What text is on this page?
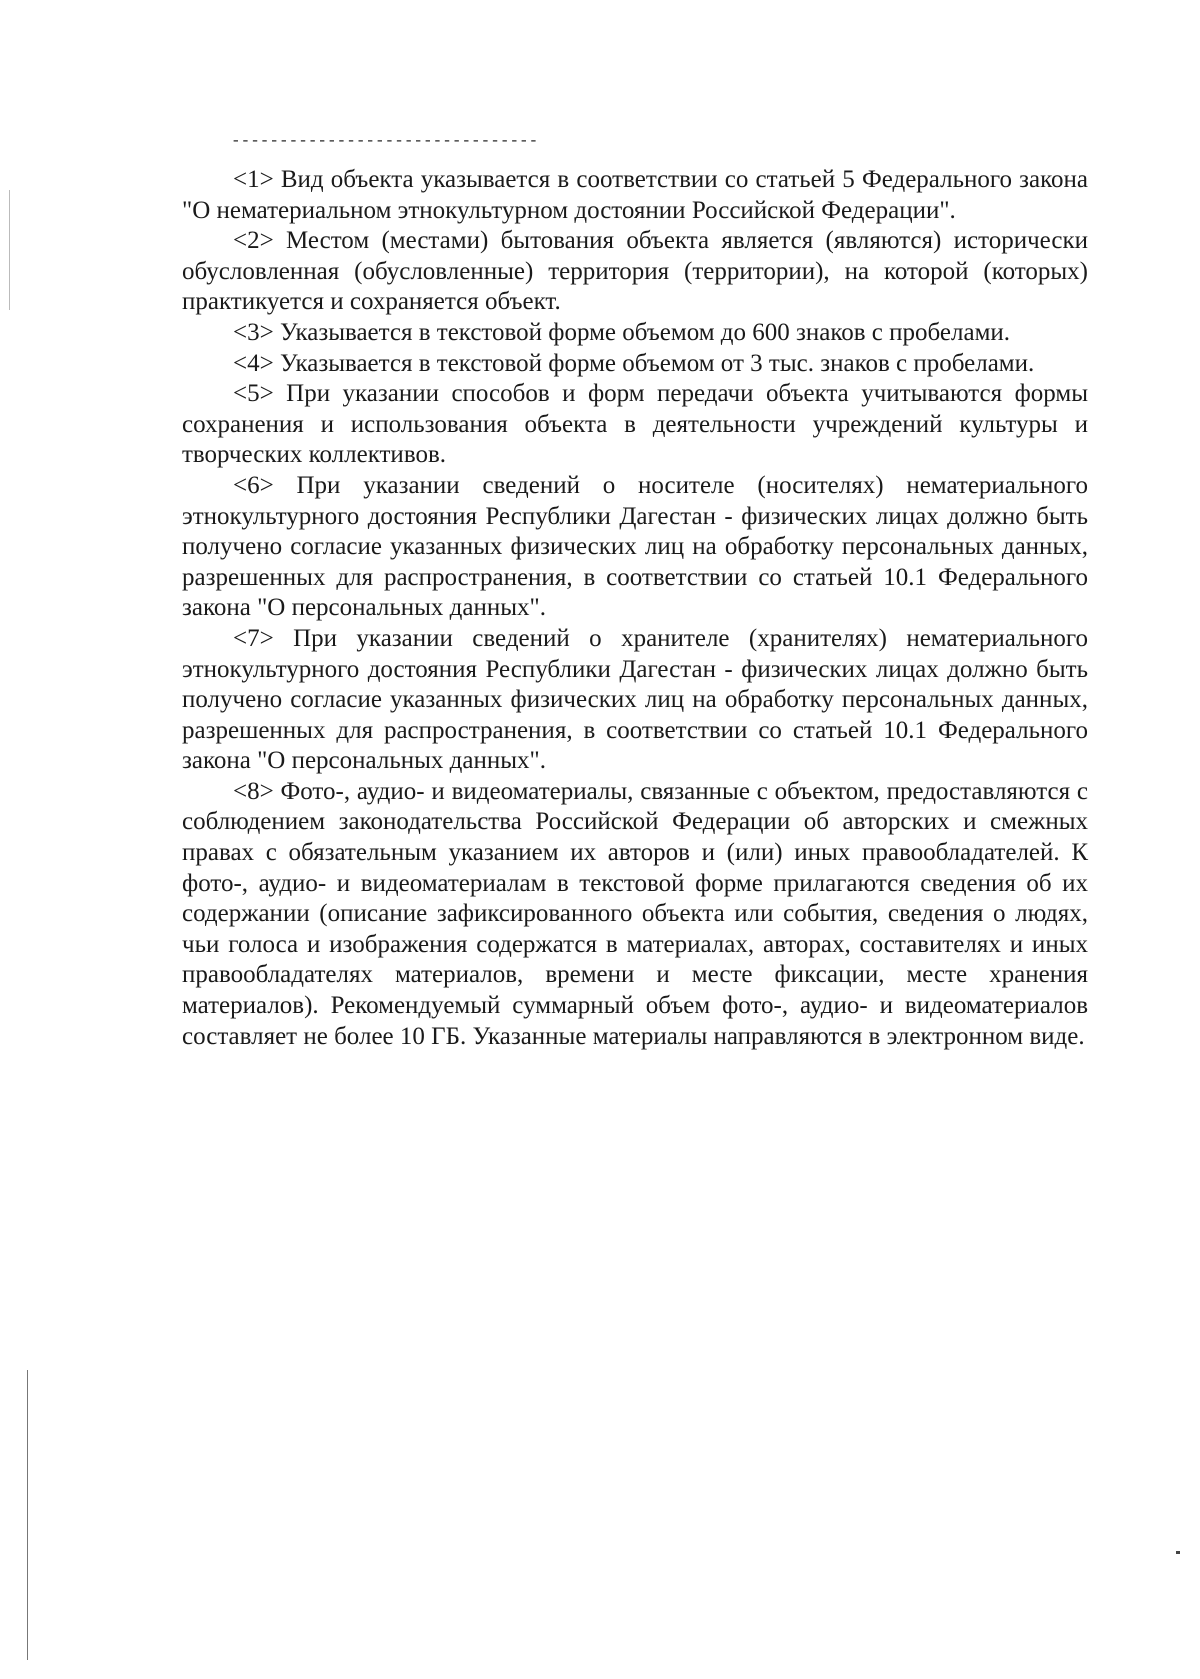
--------------------------------

<1> Вид объекта указывается в соответствии со статьей 5 Федерального закона "О нематериальном этнокультурном достоянии Российской Федерации".

<2> Местом (местами) бытования объекта является (являются) исторически обусловленная (обусловленные) территория (территории), на которой (которых) практикуется и сохраняется объект.

<3> Указывается в текстовой форме объемом до 600 знаков с пробелами.

<4> Указывается в текстовой форме объемом от 3 тыс. знаков с пробелами.

<5> При указании способов и форм передачи объекта учитываются формы сохранения и использования объекта в деятельности учреждений культуры и творческих коллективов.

<6> При указании сведений о носителе (носителях) нематериального этнокультурного достояния Республики Дагестан - физических лицах должно быть получено согласие указанных физических лиц на обработку персональных данных, разрешенных для распространения, в соответствии со статьей 10.1 Федерального закона "О персональных данных".

<7> При указании сведений о хранителе (хранителях) нематериального этнокультурного достояния Республики Дагестан - физических лицах должно быть получено согласие указанных физических лиц на обработку персональных данных, разрешенных для распространения, в соответствии со статьей 10.1 Федерального закона "О персональных данных".

<8> Фото-, аудио- и видеоматериалы, связанные с объектом, предоставляются с соблюдением законодательства Российской Федерации об авторских и смежных правах с обязательным указанием их авторов и (или) иных правообладателей. К фото-, аудио- и видеоматериалам в текстовой форме прилагаются сведения об их содержании (описание зафиксированного объекта или события, сведения о людях, чьи голоса и изображения содержатся в материалах, авторах, составителях и иных правообладателях материалов, времени и месте фиксации, месте хранения материалов). Рекомендуемый суммарный объем фото-, аудио- и видеоматериалов составляет не более 10 ГБ. Указанные материалы направляются в электронном виде.
